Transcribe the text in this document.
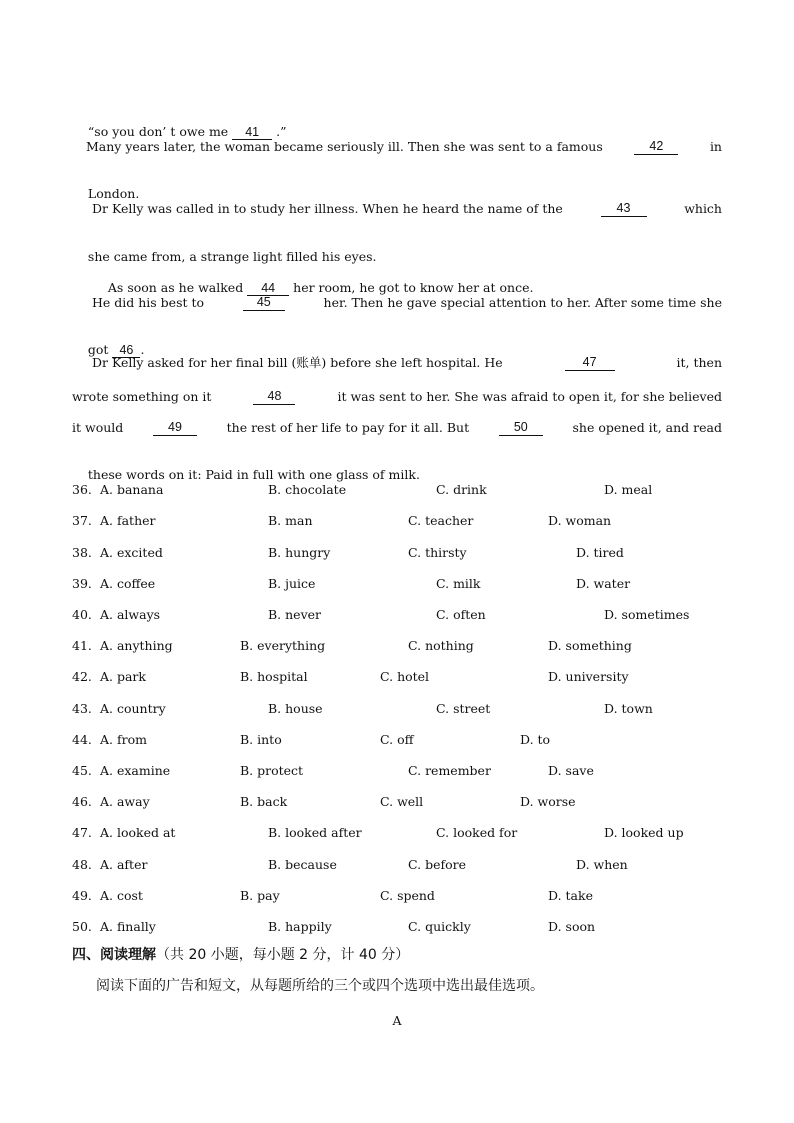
“so you don’ t owe me 41 .”

Many years later, the woman became seriously ill. Then she was sent to a famous	42	in

London.

Dr Kelly was called in to study her illness. When he heard the name of the	43	which

she came from, a strange light filled his eyes.

As soon as he walked 44 her room, he got to know her at once.

He did his best to	45	her. Then he gave special attention to her. After some time she

got 46 .

Dr Kelly asked for her final bill (账单) before she left hospital. He	47	it, then
wrote something on it	48	it was sent to her. She was afraid to open it, for she believed
it would	49	the rest of her life to pay for it all. But	50	she opened it, and read

these words on it: Paid in full with one glass of milk.

36. A. banana	B. chocolate	C. drink	D. meal
37. A. father	B. man	C. teacher	D. woman
38. A. excited	B. hungry	C. thirsty	D. tired
39. A. coffee	B. juice	C. milk	D. water
40. A. always	B. never	C. often	D. sometimes
41. A. anything	B. everything	C. nothing	D. something
42. A. park	B. hospital	C. hotel	D. university
43. A. country	B. house	C. street	D. town
44. A. from	B. into	C. off	D. to
45. A. examine	B. protect	C. remember	D. save
46. A. away	B. back	C. well	D. worse
47. A. looked at	B. looked after	C. looked for	D. looked up
48. A. after	B. because	C. before	D. when
49. A. cost	B. pay	C. spend	D. take
50. A. finally	B. happily	C. quickly	D. soon
四、阅读理解（共 20 小题，每小题 2 分，计 40 分）
阅读下面的广告和短文，从每题所给的三个或四个选项中选出最佳选项。
A
